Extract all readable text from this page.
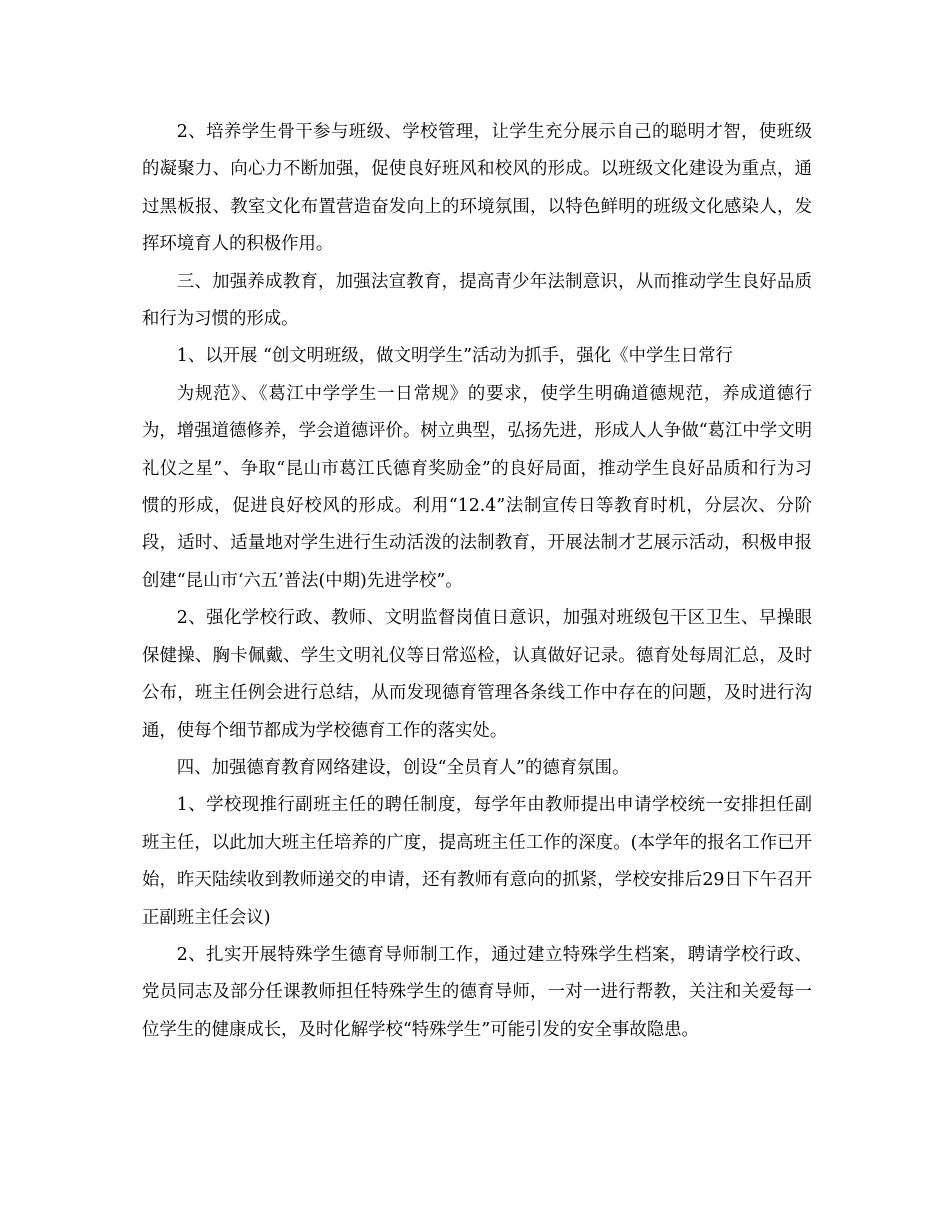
2、培养学生骨干参与班级、学校管理，让学生充分展示自己的聪明才智，使班级的凝聚力、向心力不断加强，促使良好班风和校风的形成。以班级文化建设为重点，通过黑板报、教室文化布置营造奋发向上的环境氛围，以特色鲜明的班级文化感染人，发挥环境育人的积极作用。

三、加强养成教育，加强法宣教育，提高青少年法制意识，从而推动学生良好品质和行为习惯的形成。

1、以开展 “创文明班级，做文明学生”活动为抓手，强化《中学生日常行

为规范》、《葛江中学学生一日常规》的要求，使学生明确道德规范，养成道德行为，增强道德修养，学会道德评价。树立典型，弘扬先进，形成人人争做“葛江中学文明礼仪之星”、争取“昆山市葛江氏德育奖励金”的良好局面，推动学生良好品质和行为习惯的形成，促进良好校风的形成。利用“12.4”法制宣传日等教育时机，分层次、分阶段，适时、适量地对学生进行生动活泼的法制教育，开展法制才艺展示活动，积极申报创建“昆山市‘六五’普法(中期)先进学校”。

2、强化学校行政、教师、文明监督岗值日意识，加强对班级包干区卫生、早操眼保健操、胸卡佩戴、学生文明礼仪等日常巡检，认真做好记录。德育处每周汇总，及时公布，班主任例会进行总结，从而发现德育管理各条线工作中存在的问题，及时进行沟通，使每个细节都成为学校德育工作的落实处。

四、加强德育教育网络建设，创设“全员育人”的德育氛围。

1、学校现推行副班主任的聘任制度，每学年由教师提出申请学校统一安排担任副班主任，以此加大班主任培养的广度，提高班主任工作的深度。(本学年的报名工作已开始，昨天陆续收到教师递交的申请，还有教师有意向的抓紧，学校安排后29日下午召开正副班主任会议)

2、扎实开展特殊学生德育导师制工作，通过建立特殊学生档案，聘请学校行政、党员同志及部分任课教师担任特殊学生的德育导师，一对一进行帮教，关注和关爱每一位学生的健康成长，及时化解学校“特殊学生”可能引发的安全事故隐患。
